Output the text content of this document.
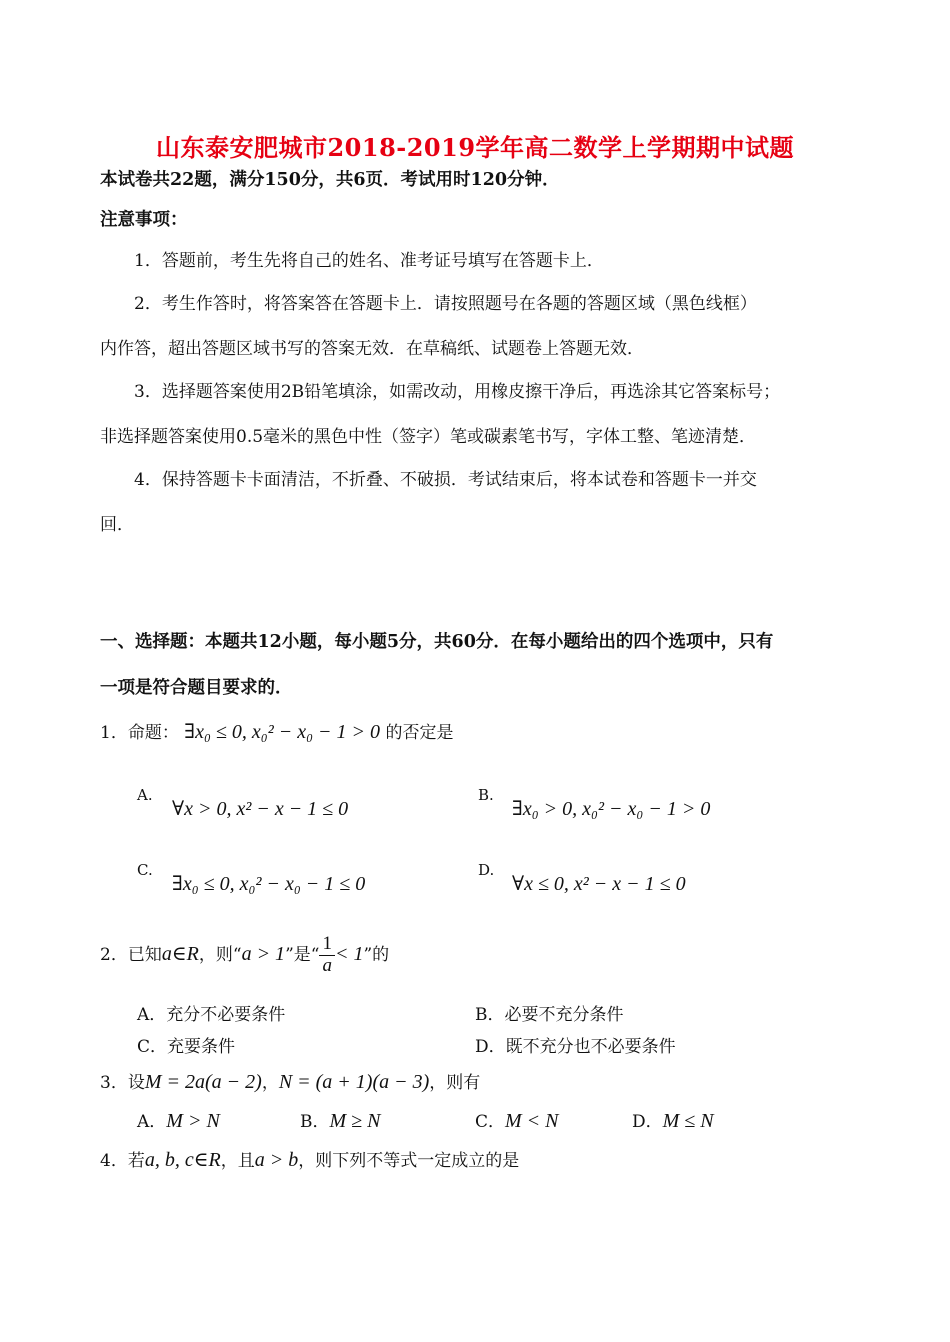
山东泰安肥城市2018-2019学年高二数学上学期期中试题
本试卷共22题，满分150分，共6页．考试用时120分钟．
注意事项：
1．答题前，考生先将自己的姓名、准考证号填写在答题卡上．
2．考生作答时，将答案答在答题卡上．请按照题号在各题的答题区域（黑色线框）
内作答，超出答题区域书写的答案无效．在草稿纸、试题卷上答题无效．
3．选择题答案使用2B铅笔填涂，如需改动，用橡皮擦干净后，再选涂其它答案标号；
非选择题答案使用0.5毫米的黑色中性（签字）笔或碳素笔书写，字体工整、笔迹清楚．
4．保持答题卡卡面清洁，不折叠、不破损．考试结束后，将本试卷和答题卡一并交
回．
一、选择题：本题共12小题，每小题5分，共60分．在每小题给出的四个选项中，只有
一项是符合题目要求的．
1．命题： ∃x₀ ≤ 0, x₀² − x₀ − 1 > 0 的否定是
A.
∀x > 0, x² − x − 1 ≤ 0
B.
∃x₀ > 0, x₀² − x₀ − 1 > 0
C.
∃x₀ ≤ 0, x₀² − x₀ − 1 ≤ 0
D.
∀x ≤ 0, x² − x − 1 ≤ 0
2．已知a∈R，则“a > 1”是“ $\frac{1}{a} < 1$”的
A．充分不必要条件	B．必要不充分条件
C．充要条件	D．既不充分也不必要条件
3．设M = 2a(a − 2)，N = (a + 1)(a − 3)，则有
A．M > N	B．M ≥ N	C．M < N	D．M ≤ N
4．若a, b, c∈R，且a > b，则下列不等式一定成立的是
